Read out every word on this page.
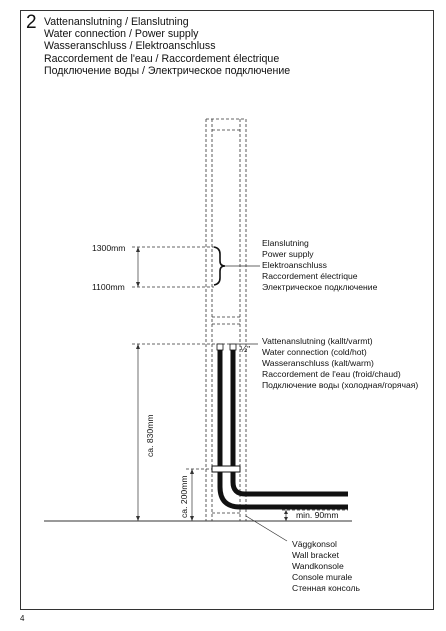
2 Vattenanslutning / Elanslutning
Water connection / Power supply
Wasseranschluss / Elektroanschluss
Raccordement de l'eau / Raccordement électrique
Подключение воды / Электрическое подключение
1300mm
1100mm
ca. 830mm
ca. 200mm
½"
min. 90mm
Elanslutning
Power supply
Elektroanschluss
Raccordement électrique
Электрическое подключение
Vattenanslutning (kallt/varmt)
Water connection (cold/hot)
Wasseranschluss (kalt/warm)
Raccordement de l'eau (froid/chaud)
Подключение воды (холодная/горячая)
Väggkonsol
Wall bracket
Wandkonsole
Console murale
Стенная консоль
4
